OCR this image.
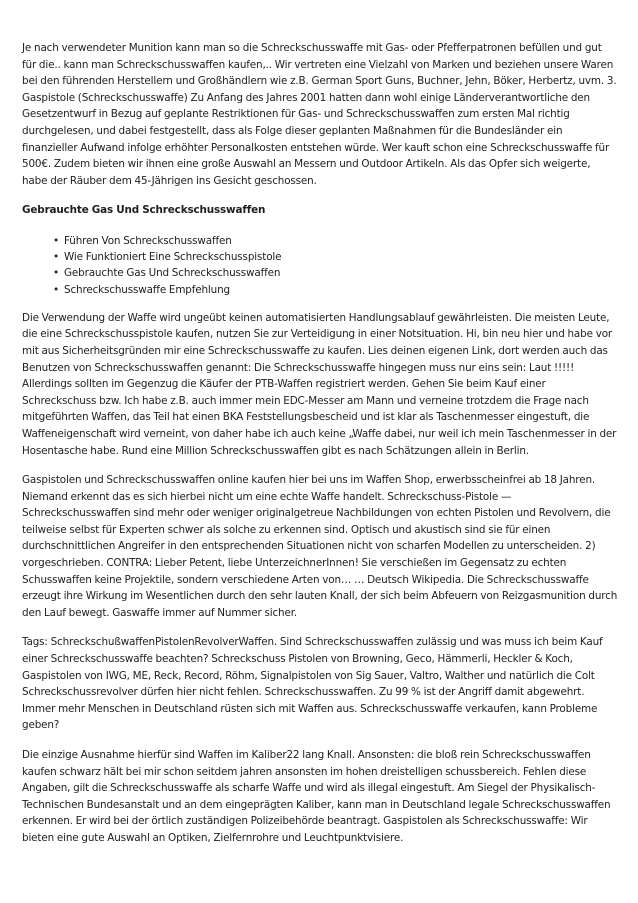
Je nach verwendeter Munition kann man so die Schreckschusswaffe mit Gas- oder Pfefferpatronen befüllen und gut für die.. kann man Schreckschusswaffen kaufen,.. Wir vertreten eine Vielzahl von Marken und beziehen unsere Waren bei den führenden Herstellern und Großhändlern wie z.B. German Sport Guns, Buchner, Jehn, Böker, Herbertz, uvm. 3. Gaspistole (Schreckschusswaffe) Zu Anfang des Jahres 2001 hatten dann wohl einige Länderverantwortliche den Gesetzentwurf in Bezug auf geplante Restriktionen für Gas- und Schreckschusswaffen zum ersten Mal richtig durchgelesen, und dabei festgestellt, dass als Folge dieser geplanten Maßnahmen für die Bundesländer ein finanzieller Aufwand infolge erhöhter Personalkosten entstehen würde. Wer kauft schon eine Schreckschusswaffe für 500€. Zudem bieten wir ihnen eine große Auswahl an Messern und Outdoor Artikeln. Als das Opfer sich weigerte, habe der Räuber dem 45-Jährigen ins Gesicht geschossen.

Gebrauchte Gas Und Schreckschusswaffen

• Führen Von Schreckschusswaffen
• Wie Funktioniert Eine Schreckschusspistole
• Gebrauchte Gas Und Schreckschusswaffen
• Schreckschusswaffe Empfehlung

Die Verwendung der Waffe wird ungeübt keinen automatisierten Handlungsablauf gewährleisten. Die meisten Leute, die eine Schreckschusspistole kaufen, nutzen Sie zur Verteidigung in einer Notsituation. Hi, bin neu hier und habe vor mit aus Sicherheitsgründen mir eine Schreckschusswaffe zu kaufen. Lies deinen eigenen Link, dort werden auch das Benutzen von Schreckschusswaffen genannt: Die Schreckschusswaffe hingegen muss nur eins sein: Laut !!!!! Allerdings sollten im Gegenzug die Käufer der PTB-Waffen registriert werden. Gehen Sie beim Kauf einer Schreckschuss bzw. Ich habe z.B. auch immer mein EDC-Messer am Mann und verneine trotzdem die Frage nach mitgeführten Waffen, das Teil hat einen BKA Feststellungsbescheid und ist klar als Taschenmesser eingestuft, die Waffeneigenschaft wird verneint, von daher habe ich auch keine „Waffe dabei, nur weil ich mein Taschenmesser in der Hosentasche habe. Rund eine Million Schreckschusswaffen gibt es nach Schätzungen allein in Berlin.

Gaspistolen und Schreckschusswaffen online kaufen hier bei uns im Waffen Shop, erwerbsscheinfrei ab 18 Jahren. Niemand erkennt das es sich hierbei nicht um eine echte Waffe handelt. Schreckschuss-Pistole — Schreckschusswaffen sind mehr oder weniger originalgetreue Nachbildungen von echten Pistolen und Revolvern, die teilweise selbst für Experten schwer als solche zu erkennen sind. Optisch und akustisch sind sie für einen durchschnittlichen Angreifer in den entsprechenden Situationen nicht von scharfen Modellen zu unterscheiden. 2) vorgeschrieben. CONTRA: Lieber Petent, liebe UnterzeichnerInnen! Sie verschießen im Gegensatz zu echten Schusswaffen keine Projektile, sondern verschiedene Arten von… … Deutsch Wikipedia. Die Schreckschusswaffe erzeugt ihre Wirkung im Wesentlichen durch den sehr lauten Knall, der sich beim Abfeuern von Reizgasmunition durch den Lauf bewegt. Gaswaffe immer auf Nummer sicher.

Tags: SchreckschußwaffenPistolenRevolverWaffen. Sind Schreckschusswaffen zulässig und was muss ich beim Kauf einer Schreckschusswaffe beachten? Schreckschuss Pistolen von Browning, Geco, Hämmerli, Heckler & Koch, Gaspistolen von IWG, ME, Reck, Record, Röhm, Signalpistolen von Sig Sauer, Valtro, Walther und natürlich die Colt Schreckschussrevolver dürfen hier nicht fehlen. Schreckschusswaffen. Zu 99 % ist der Angriff damit abgewehrt. Immer mehr Menschen in Deutschland rüsten sich mit Waffen aus. Schreckschusswaffe verkaufen, kann Probleme geben?

Die einzige Ausnahme hierfür sind Waffen im Kaliber22 lang Knall. Ansonsten: die bloß rein Schreckschusswaffen kaufen schwarz hält bei mir schon seitdem jahren ansonsten im hohen dreistelligen schussbereich. Fehlen diese Angaben, gilt die Schreckschusswaffe als scharfe Waffe und wird als illegal eingestuft. Am Siegel der Physikalisch-Technischen Bundesanstalt und an dem eingeprägten Kaliber, kann man in Deutschland legale Schreckschusswaffen erkennen. Er wird bei der örtlich zuständigen Polizeibehörde beantragt. Gaspistolen als Schreckschusswaffe: Wir bieten eine gute Auswahl an Optiken, Zielfernrohre und Leuchtpunktvisiere.
